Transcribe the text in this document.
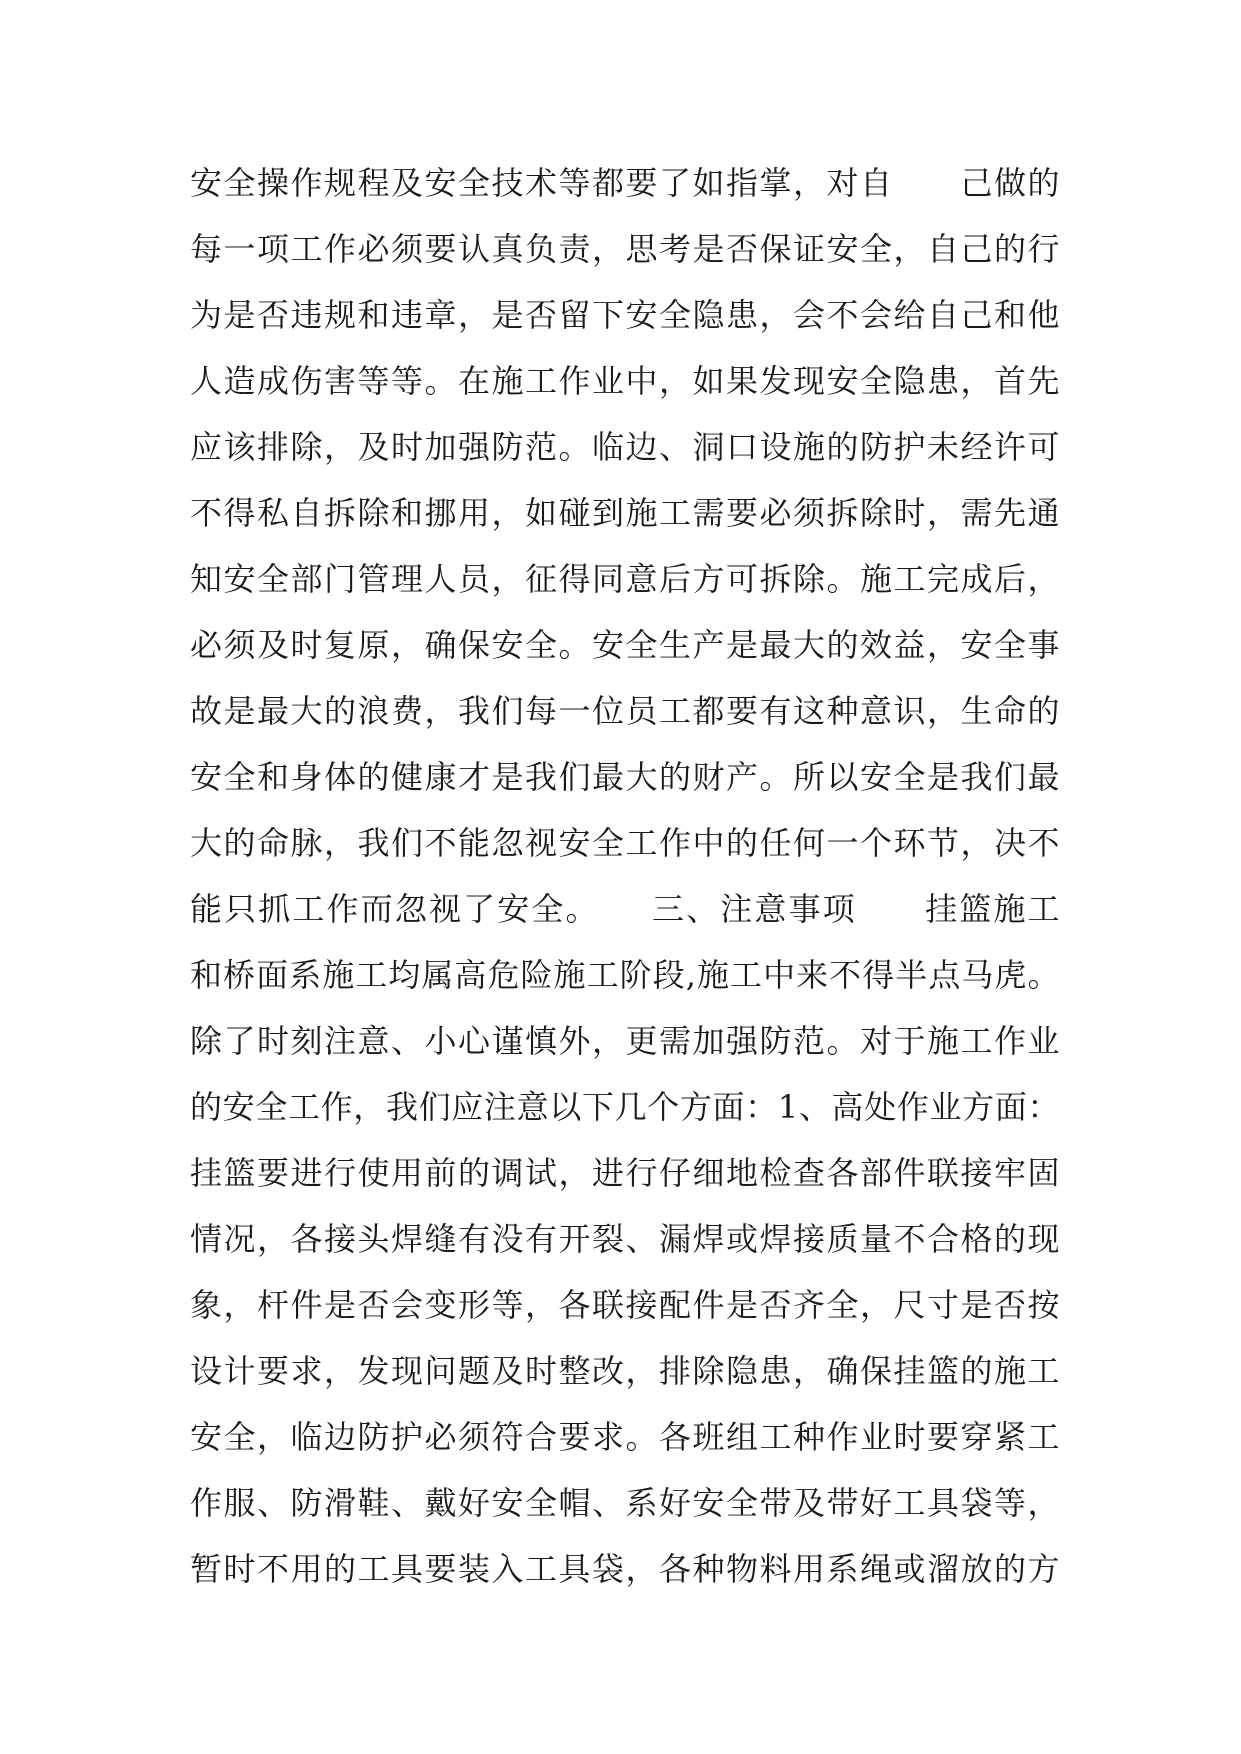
安全操作规程及安全技术等都要了如指掌，对自　　己做的
每一项工作必须要认真负责，思考是否保证安全，自己的行
为是否违规和违章，是否留下安全隐患，会不会给自己和他
人造成伤害等等。在施工作业中，如果发现安全隐患，首先
应该排除，及时加强防范。临边、洞口设施的防护未经许可
不得私自拆除和挪用，如碰到施工需要必须拆除时，需先通
知安全部门管理人员，征得同意后方可拆除。施工完成后，
必须及时复原，确保安全。安全生产是最大的效益，安全事
故是最大的浪费，我们每一位员工都要有这种意识，生命的
安全和身体的健康才是我们最大的财产。所以安全是我们最
大的命脉，我们不能忽视安全工作中的任何一个环节，决不
能只抓工作而忽视了安全。　　三、注意事项　　挂篮施工
和桥面系施工均属高危险施工阶段,施工中来不得半点马虎。
除了时刻注意、小心谨慎外，更需加强防范。对于施工作业
的安全工作，我们应注意以下几个方面：1、高处作业方面：
挂篮要进行使用前的调试，进行仔细地检查各部件联接牢固
情况，各接头焊缝有没有开裂、漏焊或焊接质量不合格的现
象，杆件是否会变形等，各联接配件是否齐全，尺寸是否按
设计要求，发现问题及时整改，排除隐患，确保挂篮的施工
安全，临边防护必须符合要求。各班组工种作业时要穿紧工
作服、防滑鞋、戴好安全帽、系好安全带及带好工具袋等，
暂时不用的工具要装入工具袋，各种物料用系绳或溜放的方
